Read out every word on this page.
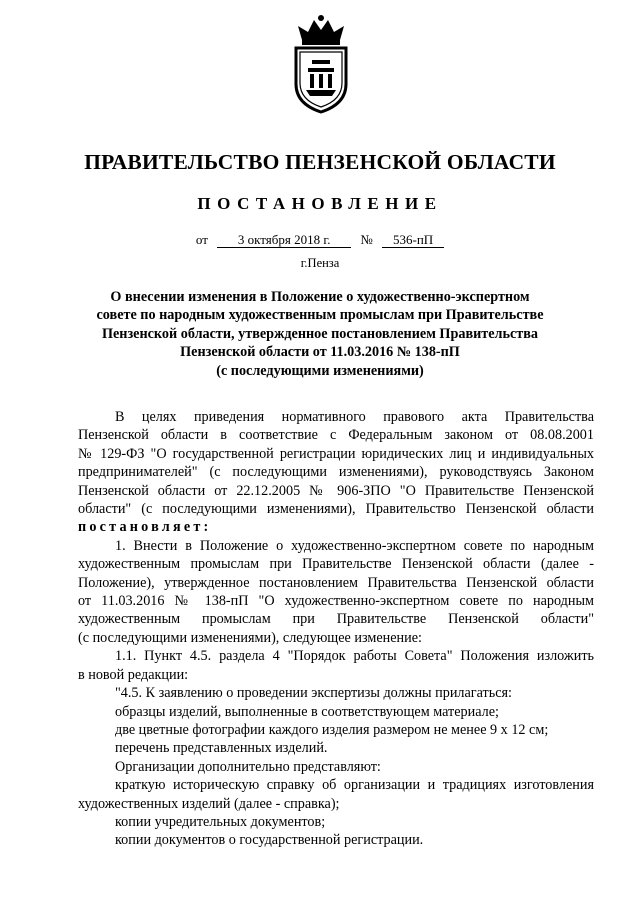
ПРАВИТЕЛЬСТВО ПЕНЗЕНСКОЙ ОБЛАСТИ
ПОСТАНОВЛЕНИЕ
от 3 октября 2018 г. № 536-пП
г.Пенза
О внесении изменения в Положение о художественно-экспертном
совете по народным художественным промыслам при Правительстве
Пензенской области, утвержденное постановлением Правительства
Пензенской области от 11.03.2016 № 138-пП
(с последующими изменениями)
В целях приведения нормативного правового акта Правительства
Пензенской области в соответствие с Федеральным законом от 08.08.2001
№ 129-ФЗ "О государственной регистрации юридических лиц и индивидуальных
предпринимателей" (с последующими изменениями), руководствуясь Законом
Пензенской области от 22.12.2005 № 906-ЗПО "О Правительстве Пензенской
области" (с последующими изменениями), Правительство Пензенской области
постановляет:
1. Внести в Положение о художественно-экспертном совете по народным
художественным промыслам при Правительстве Пензенской области (далее -
Положение), утвержденное постановлением Правительства Пензенской области
от 11.03.2016 № 138-пП "О художественно-экспертном совете по народным
художественным промыслам при Правительстве Пензенской области"
(с последующими изменениями), следующее изменение:
1.1. Пункт 4.5. раздела 4 "Порядок работы Совета" Положения изложить
в новой редакции:
"4.5. К заявлению о проведении экспертизы должны прилагаться:
образцы изделий, выполненные в соответствующем материале;
две цветные фотографии каждого изделия размером не менее 9 х 12 см;
перечень представленных изделий.
Организации дополнительно представляют:
краткую историческую справку об организации и традициях изготовления
художественных изделий (далее - справка);
копии учредительных документов;
копии документов о государственной регистрации.
